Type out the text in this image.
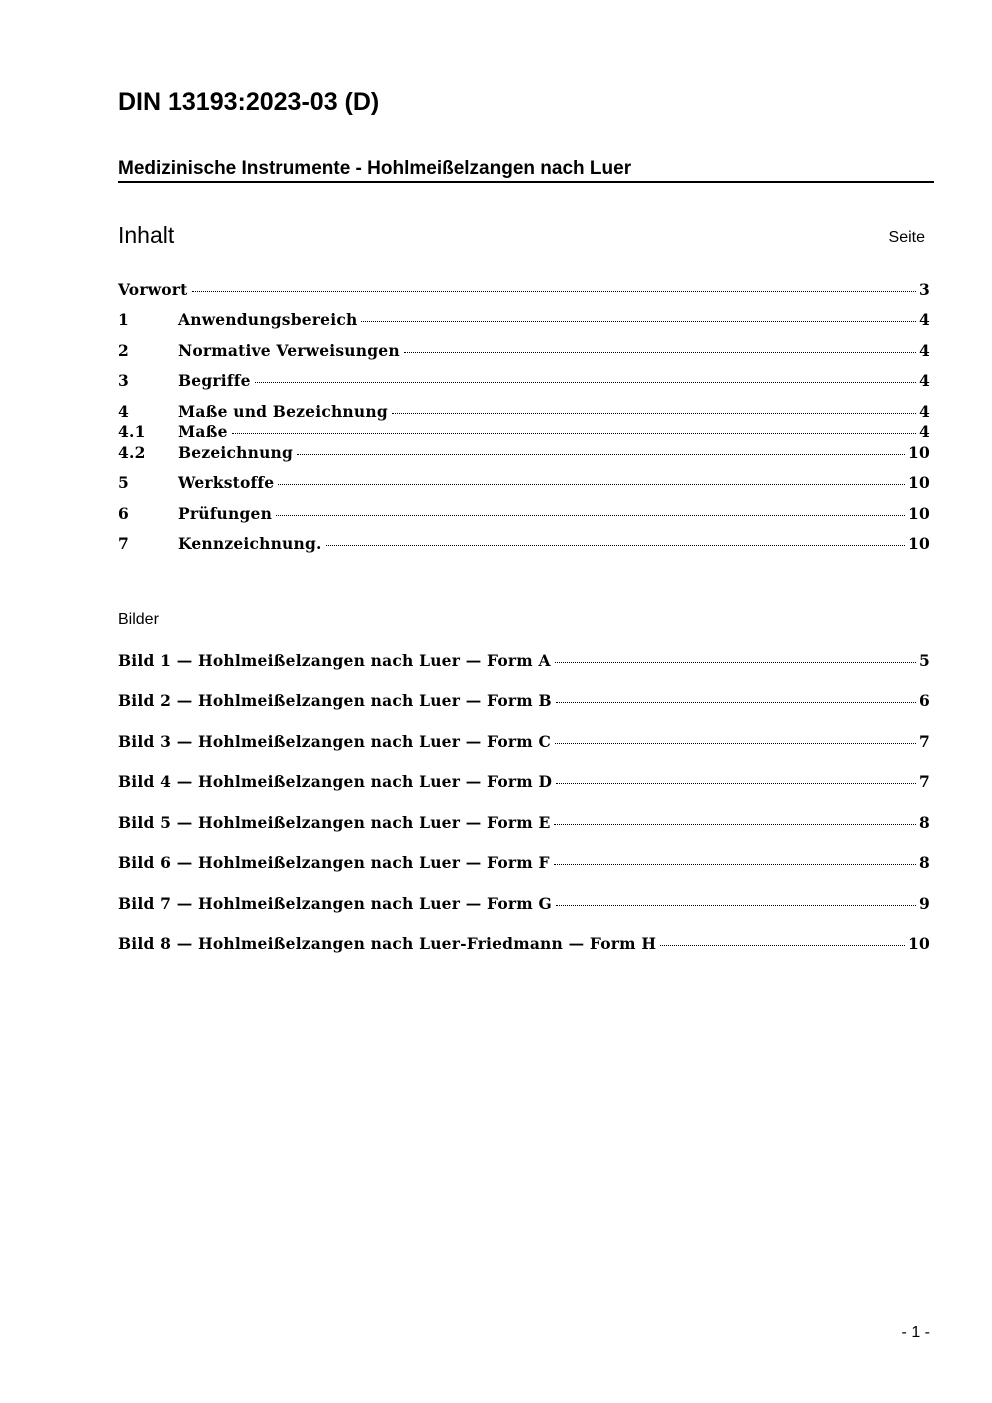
DIN 13193:2023-03 (D)
Medizinische Instrumente - Hohlmeißelzangen nach Luer
Inhalt	Seite
Vorwort	3
1	Anwendungsbereich	4
2	Normative Verweisungen	4
3	Begriffe	4
4	Maße und Bezeichnung	4
4.1	Maße	4
4.2	Bezeichnung	10
5	Werkstoffe	10
6	Prüfungen	10
7	Kennzeichnung.	10
Bilder
Bild 1 — Hohlmeißelzangen nach Luer — Form A	5
Bild 2 — Hohlmeißelzangen nach Luer — Form B	6
Bild 3 — Hohlmeißelzangen nach Luer — Form C	7
Bild 4 — Hohlmeißelzangen nach Luer — Form D	7
Bild 5 — Hohlmeißelzangen nach Luer — Form E	8
Bild 6 — Hohlmeißelzangen nach Luer — Form F	8
Bild 7 — Hohlmeißelzangen nach Luer — Form G	9
Bild 8 — Hohlmeißelzangen nach Luer-Friedmann — Form H	10
- 1 -
